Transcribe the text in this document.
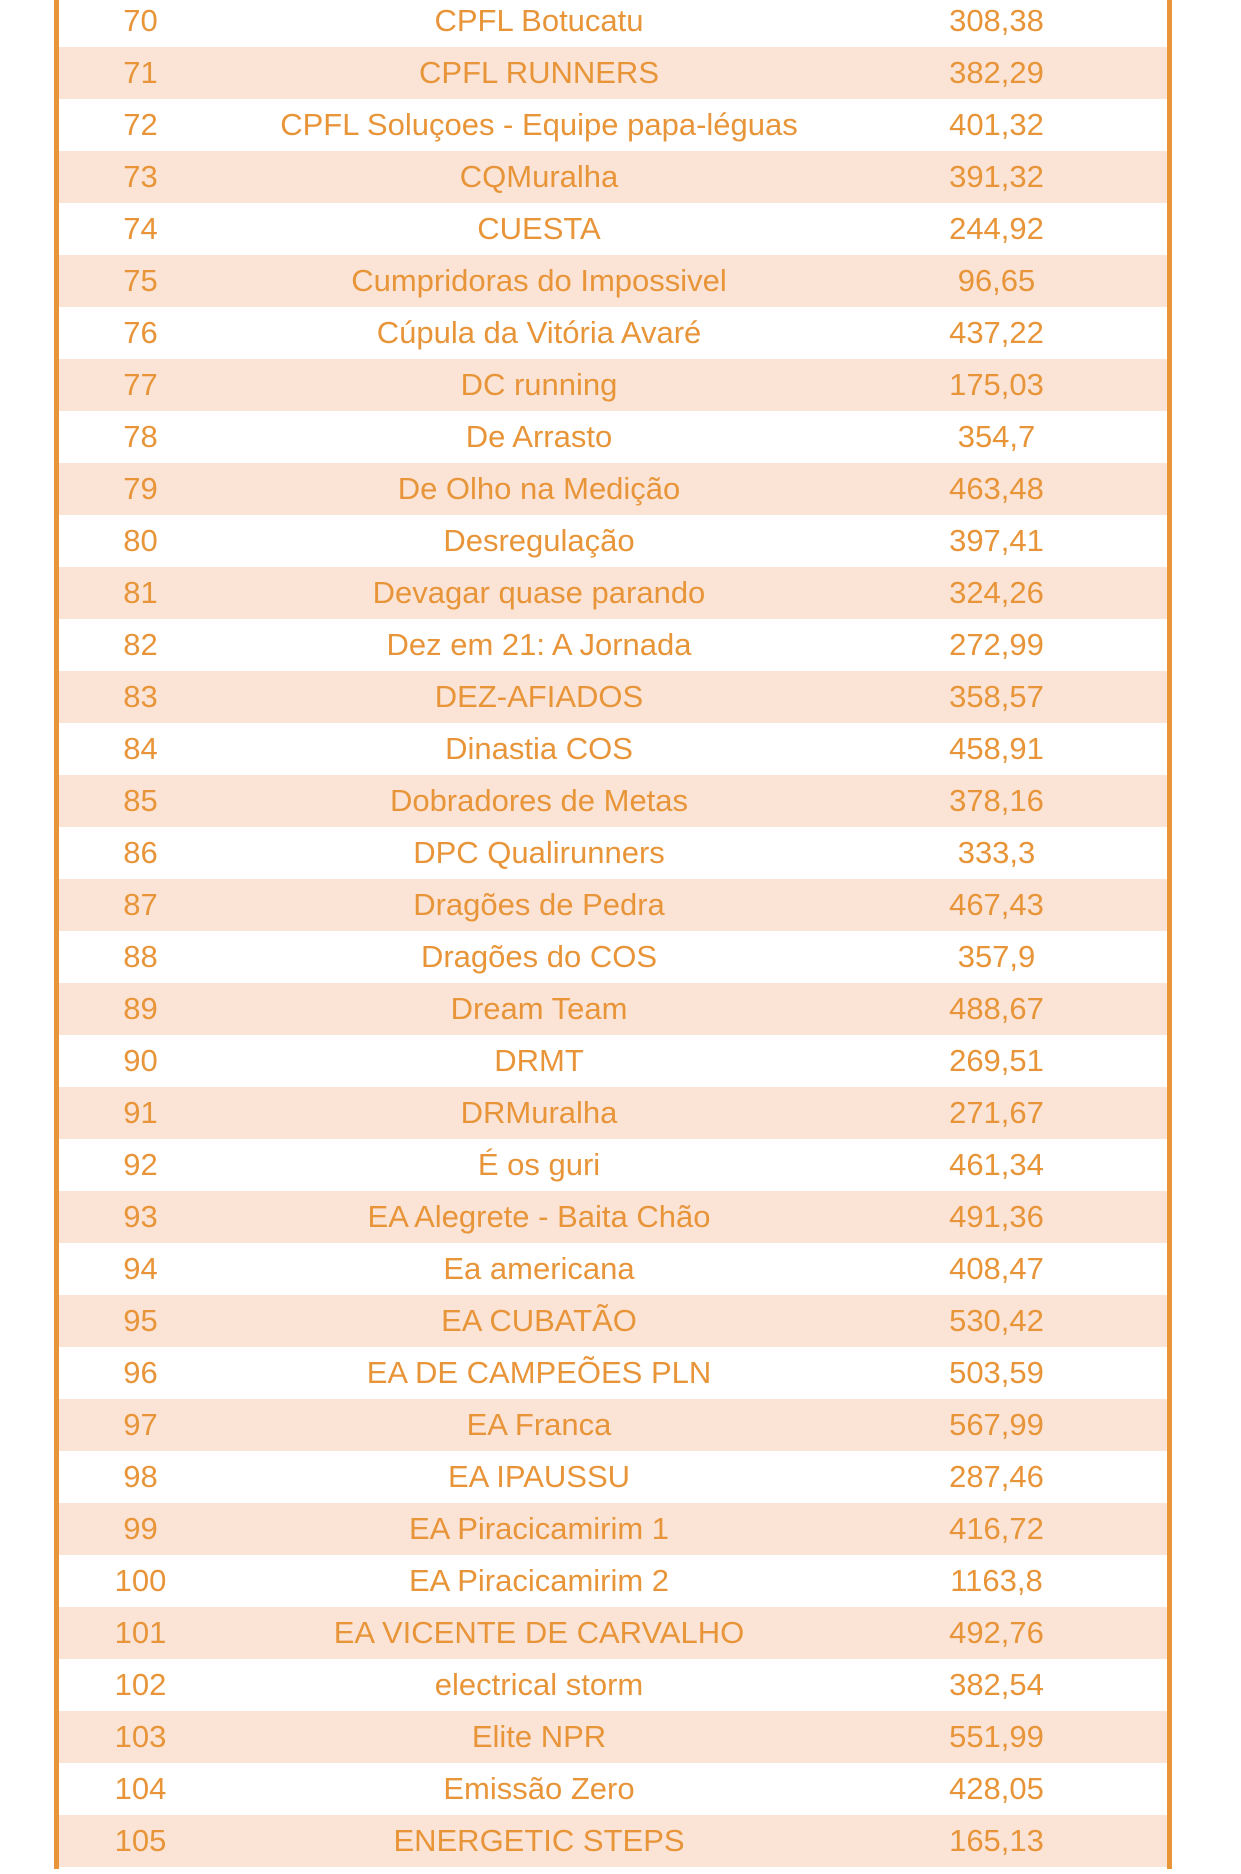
70	CPFL Botucatu	308,38
71	CPFL RUNNERS	382,29
72	CPFL Soluçoes - Equipe papa-léguas	401,32
73	CQMuralha	391,32
74	CUESTA	244,92
75	Cumpridoras do Impossivel	96,65
76	Cúpula da Vitória Avaré	437,22
77	DC running	175,03
78	De Arrasto	354,7
79	De Olho na Medição	463,48
80	Desregulação	397,41
81	Devagar quase parando	324,26
82	Dez em 21: A Jornada	272,99
83	DEZ-AFIADOS	358,57
84	Dinastia COS	458,91
85	Dobradores de Metas	378,16
86	DPC Qualirunners	333,3
87	Dragões de Pedra	467,43
88	Dragões do COS	357,9
89	Dream Team	488,67
90	DRMT	269,51
91	DRMuralha	271,67
92	É os guri	461,34
93	EA Alegrete - Baita Chão	491,36
94	Ea americana	408,47
95	EA CUBATÃO	530,42
96	EA DE CAMPEÕES PLN	503,59
97	EA Franca	567,99
98	EA IPAUSSU	287,46
99	EA Piracicamirim 1	416,72
100	EA Piracicamirim 2	1163,8
101	EA VICENTE DE CARVALHO	492,76
102	electrical storm	382,54
103	Elite NPR	551,99
104	Emissão Zero	428,05
105	ENERGETIC STEPS	165,13
